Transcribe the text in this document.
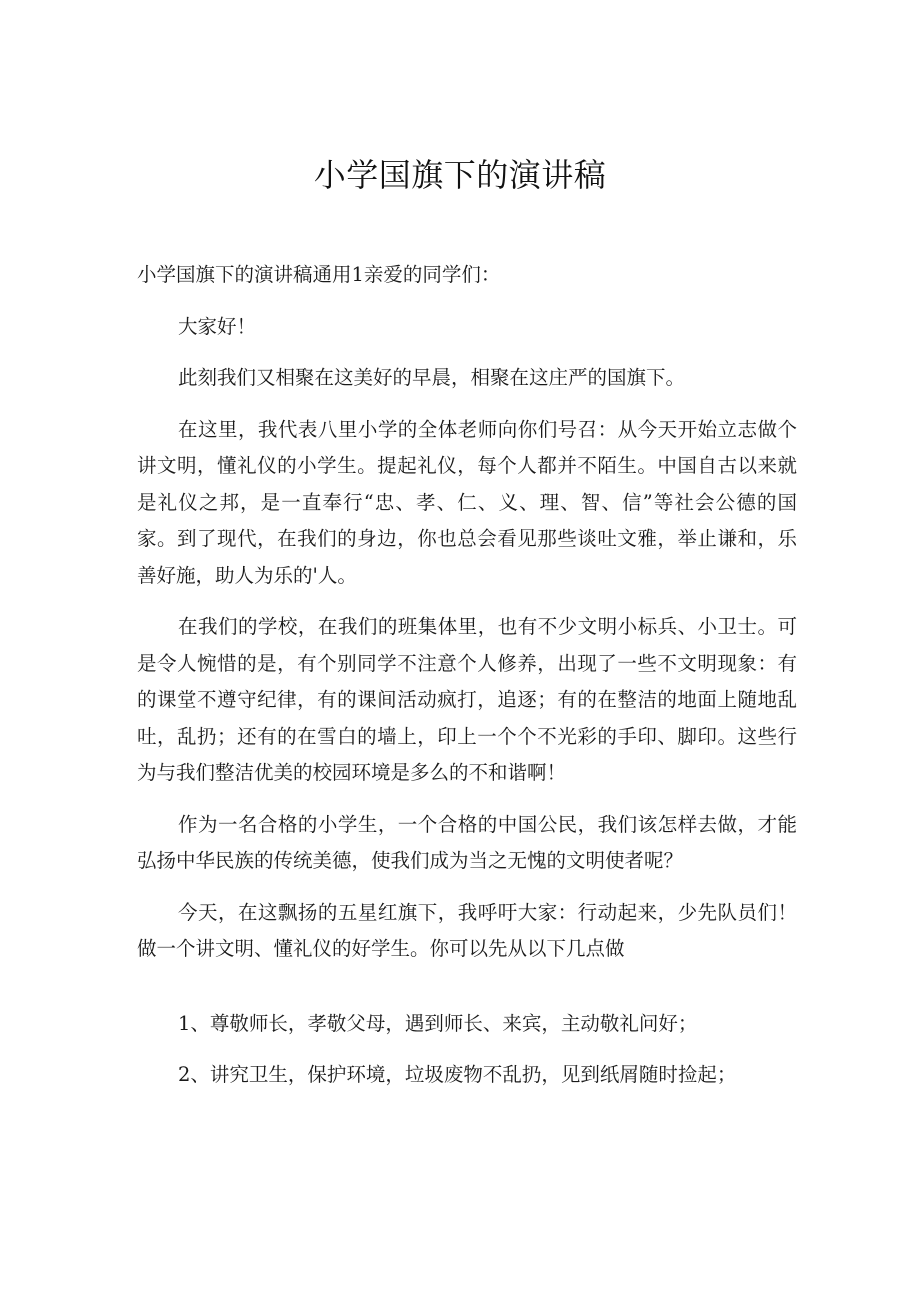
小学国旗下的演讲稿

小学国旗下的演讲稿通用1亲爱的同学们：

大家好！

此刻我们又相聚在这美好的早晨，相聚在这庄严的国旗下。

在这里，我代表八里小学的全体老师向你们号召：从今天开始立志做个讲文明，懂礼仪的小学生。提起礼仪，每个人都并不陌生。中国自古以来就是礼仪之邦，是一直奉行“忠、孝、仁、义、理、智、信”等社会公德的国家。到了现代，在我们的身边，你也总会看见那些谈吐文雅，举止谦和，乐善好施，助人为乐的'人。

在我们的学校，在我们的班集体里，也有不少文明小标兵、小卫士。可是令人惋惜的是，有个别同学不注意个人修养，出现了一些不文明现象：有的课堂不遵守纪律，有的课间活动疯打，追逐；有的在整洁的地面上随地乱吐，乱扔；还有的在雪白的墙上，印上一个个不光彩的手印、脚印。这些行为与我们整洁优美的校园环境是多么的不和谐啊！

作为一名合格的小学生，一个合格的中国公民，我们该怎样去做，才能弘扬中华民族的传统美德，使我们成为当之无愧的文明使者呢？

今天，在这飘扬的五星红旗下，我呼吁大家：行动起来，少先队员们！做一个讲文明、懂礼仪的好学生。你可以先从以下几点做

1、尊敬师长，孝敬父母，遇到师长、来宾，主动敬礼问好；

2、讲究卫生，保护环境，垃圾废物不乱扔，见到纸屑随时捡起；
